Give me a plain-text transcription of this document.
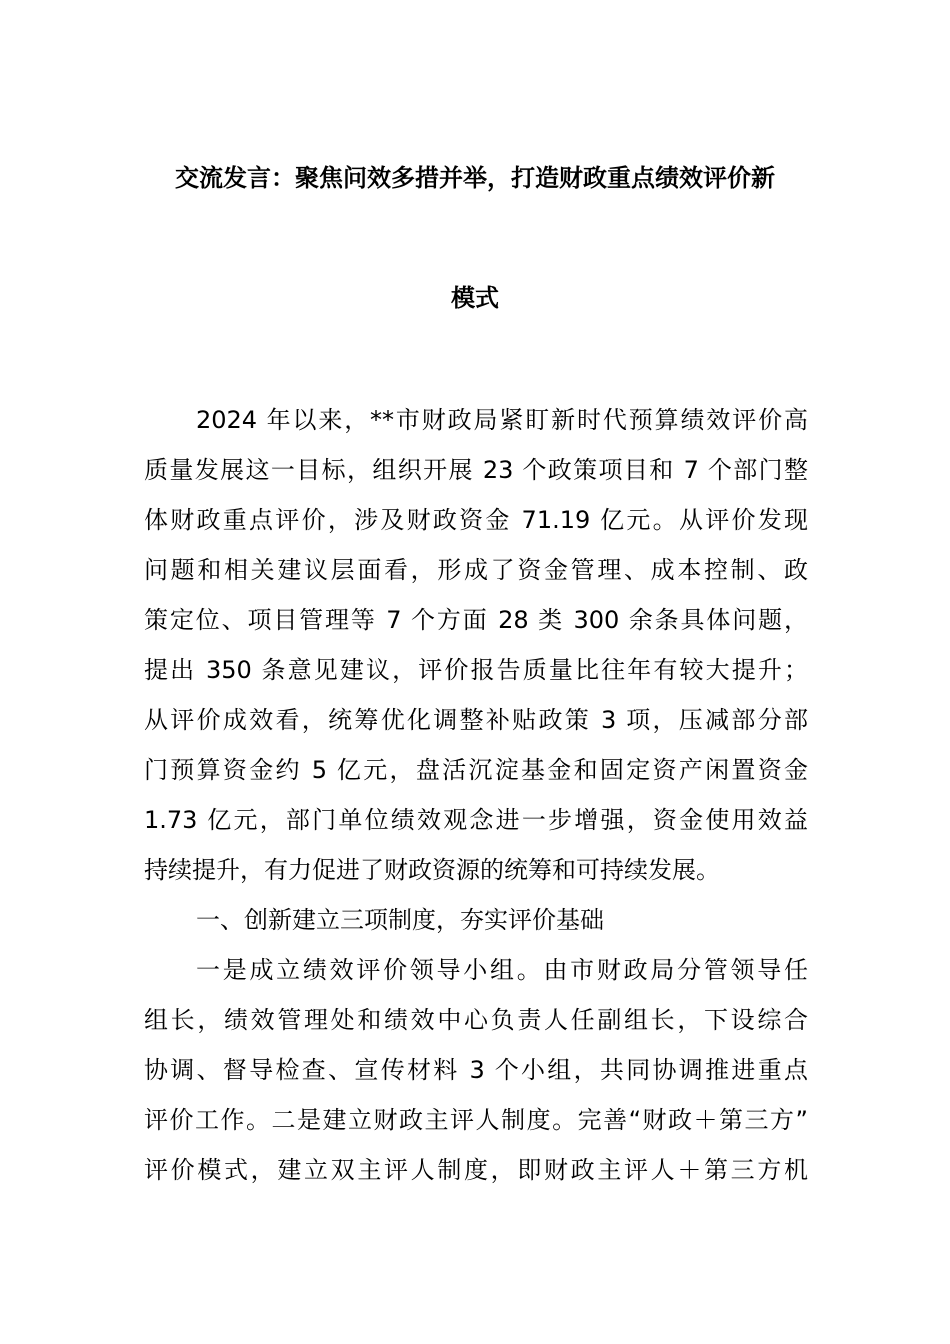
交流发言：聚焦问效多措并举，打造财政重点绩效评价新
模式
2024 年以来，**市财政局紧盯新时代预算绩效评价高
质量发展这一目标，组织开展 23 个政策项目和 7 个部门整
体财政重点评价，涉及财政资金 71.19 亿元。从评价发现
问题和相关建议层面看，形成了资金管理、成本控制、政
策定位、项目管理等 7 个方面 28 类 300 余条具体问题，
提出 350 条意见建议，评价报告质量比往年有较大提升；
从评价成效看，统筹优化调整补贴政策 3 项，压减部分部
门预算资金约 5 亿元，盘活沉淀基金和固定资产闲置资金
1.73 亿元，部门单位绩效观念进一步增强，资金使用效益
持续提升，有力促进了财政资源的统筹和可持续发展。
一、创新建立三项制度，夯实评价基础
一是成立绩效评价领导小组。由市财政局分管领导任
组长，绩效管理处和绩效中心负责人任副组长，下设综合
协调、督导检查、宣传材料 3 个小组，共同协调推进重点
评价工作。二是建立财政主评人制度。完善“财政＋第三方”
评价模式，建立双主评人制度，即财政主评人＋第三方机
